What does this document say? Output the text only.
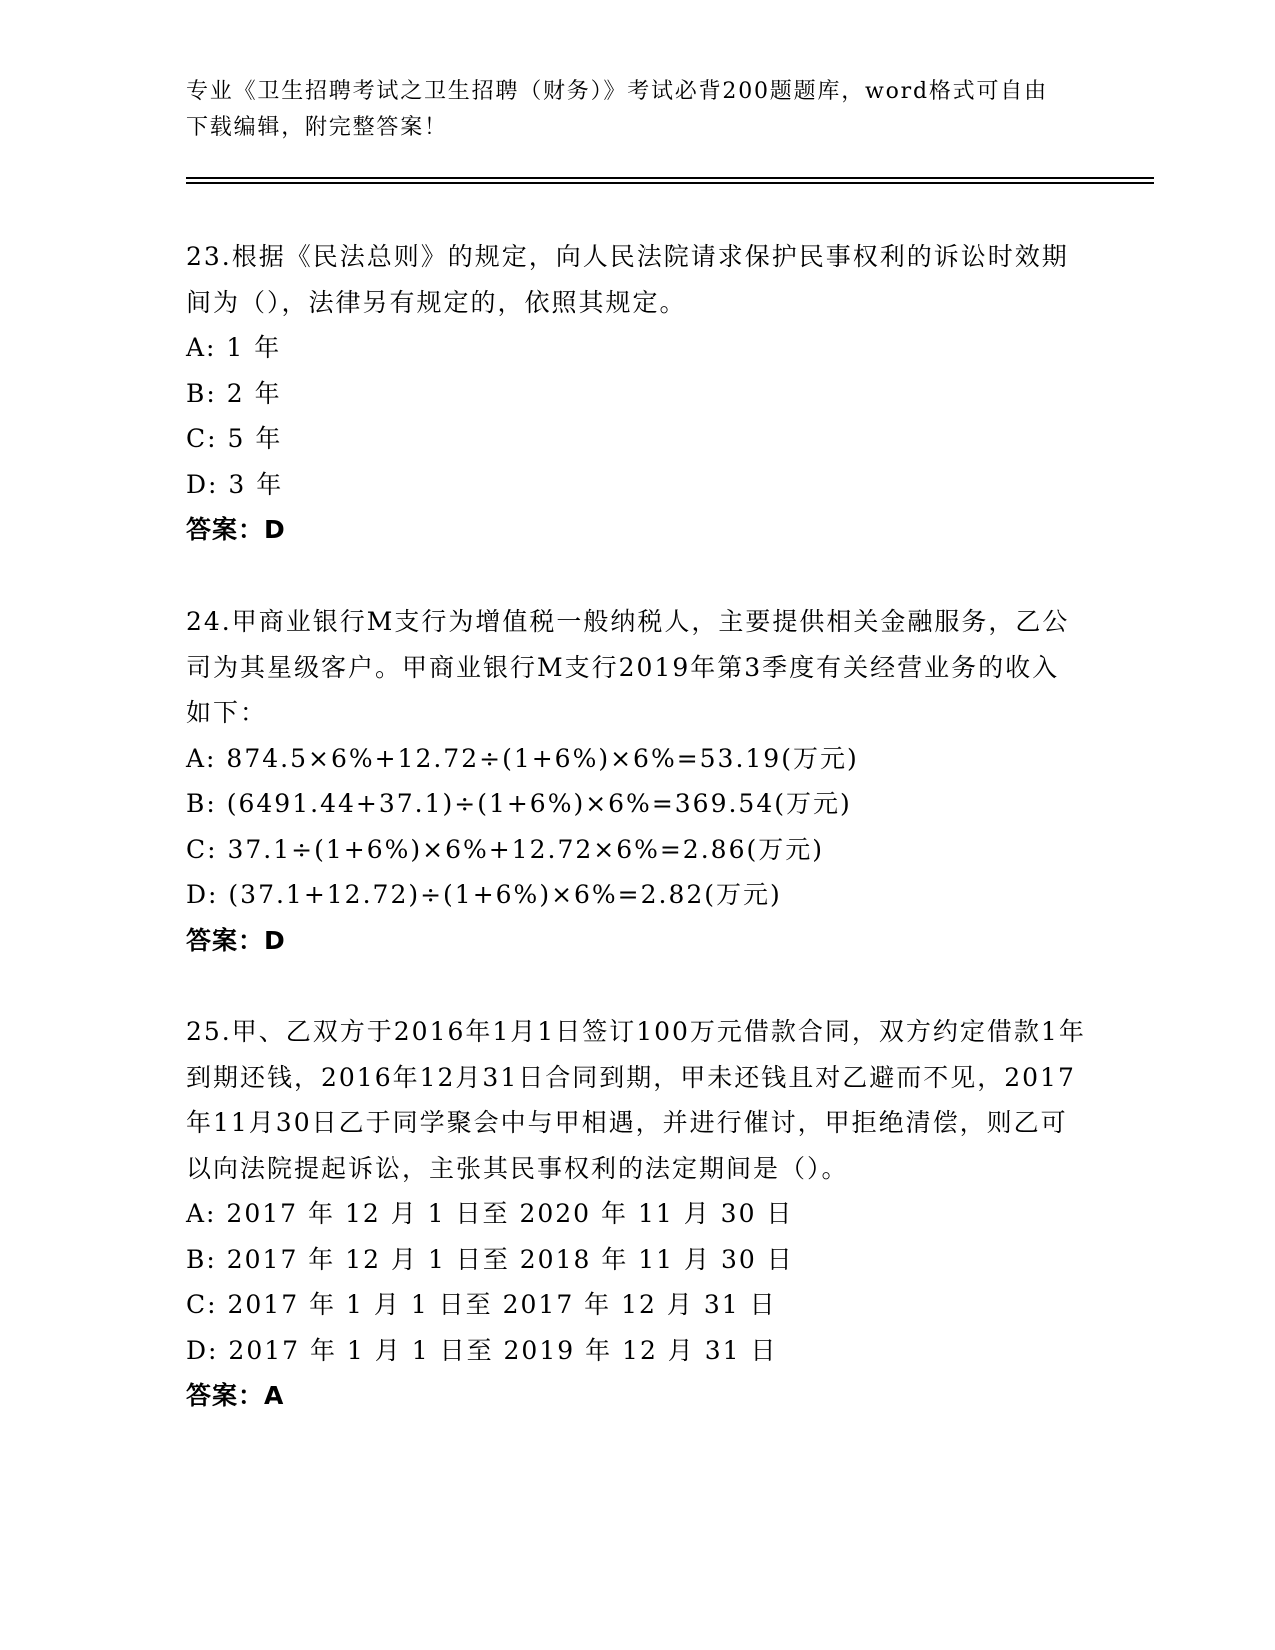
专业《卫生招聘考试之卫生招聘（财务）》考试必背200题题库，word格式可自由下载编辑，附完整答案！

23.根据《民法总则》的规定，向人民法院请求保护民事权利的诉讼时效期间为（），法律另有规定的，依照其规定。

A: 1 年

B: 2 年

C: 5 年

D: 3 年

答案：D

24.甲商业银行M支行为增值税一般纳税人，主要提供相关金融服务，乙公司为其星级客户。甲商业银行M支行2019年第3季度有关经营业务的收入如下：

A: 874.5×6%+12.72÷(1+6%)×6%=53.19(万元)

B: (6491.44+37.1)÷(1+6%)×6%=369.54(万元)

C: 37.1÷(1+6%)×6%+12.72×6%=2.86(万元)

D: (37.1+12.72)÷(1+6%)×6%=2.82(万元)

答案：D

25.甲、乙双方于2016年1月1日签订100万元借款合同，双方约定借款1年到期还钱，2016年12月31日合同到期，甲未还钱且对乙避而不见，2017年11月30日乙于同学聚会中与甲相遇，并进行催讨，甲拒绝清偿，则乙可以向法院提起诉讼，主张其民事权利的法定期间是（）。

A: 2017 年 12 月 1 日至 2020 年 11 月 30 日

B: 2017 年 12 月 1 日至 2018 年 11 月 30 日

C: 2017 年 1 月 1 日至 2017 年 12 月 31 日

D: 2017 年 1 月 1 日至 2019 年 12 月 31 日

答案：A
